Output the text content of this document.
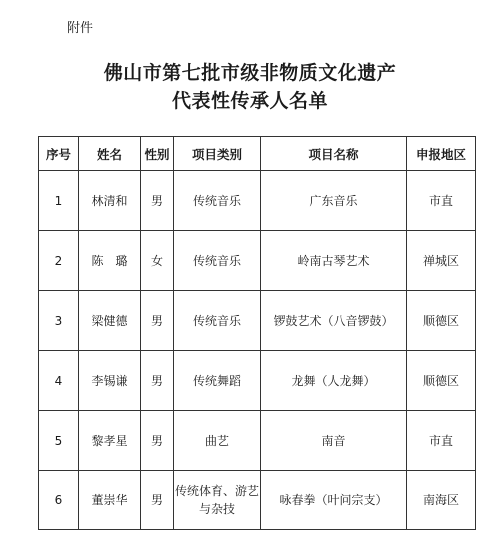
附件
佛山市第七批市级非物质文化遗产
代表性传承人名单
序号	姓名	性别	项目类别	项目名称	申报地区
1	林清和	男	传统音乐	广东音乐	市直
2	陈　璐	女	传统音乐	岭南古琴艺术	禅城区
3	梁健德	男	传统音乐	锣鼓艺术（八音锣鼓）	顺德区
4	李锡谦	男	传统舞蹈	龙舞（人龙舞）	顺德区
5	黎孝星	男	曲艺	南音	市直
6	董崇华	男	传统体育、游艺与杂技	咏春拳（叶问宗支）	南海区
